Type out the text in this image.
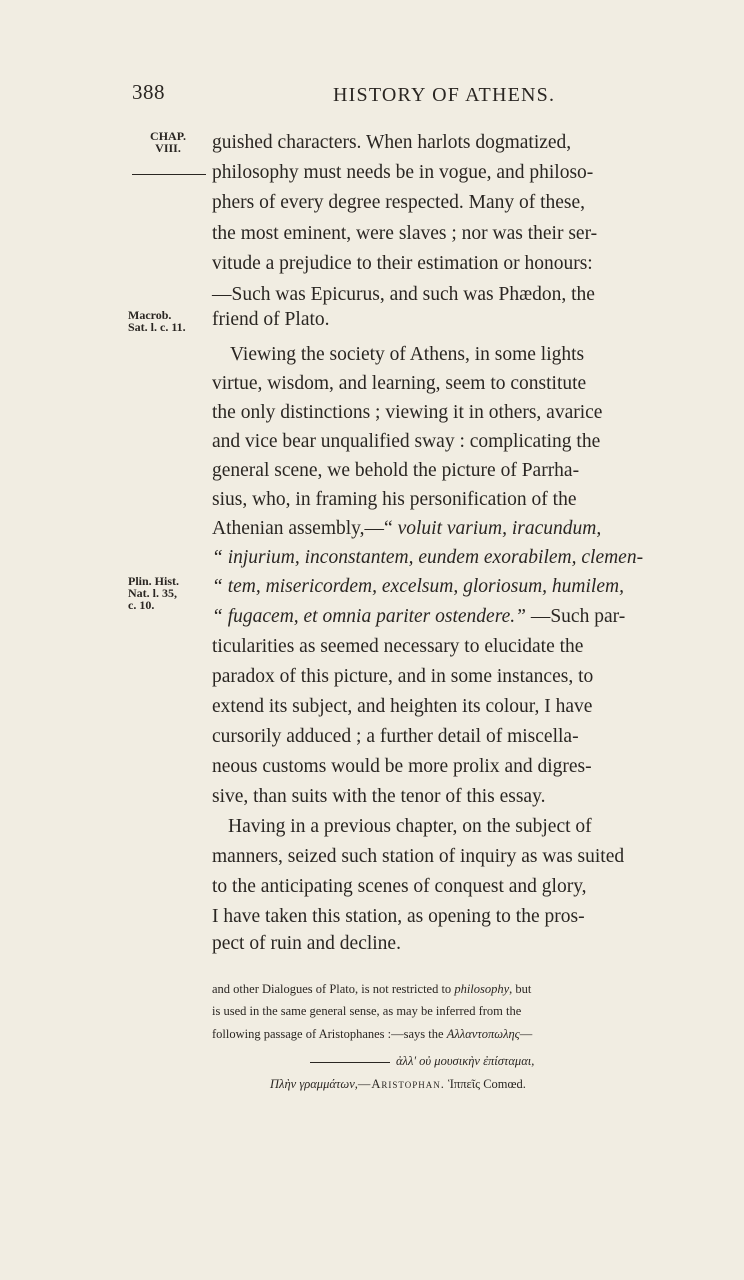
388	HISTORY OF ATHENS.
CHAP.
VIII.
Macrob.
Sat. l. c. 11.
Plin. Hist.
Nat. l. 35,
c. 10.
guished characters. When harlots dogmatized,
philosophy must needs be in vogue, and philoso-
phers of every degree respected. Many of these,
the most eminent, were slaves ; nor was their ser-
vitude a prejudice to their estimation or honours:
—Such was Epicurus, and such was Phædon, the
friend of Plato.
Viewing the society of Athens, in some lights
virtue, wisdom, and learning, seem to constitute
the only distinctions ; viewing it in others, avarice
and vice bear unqualified sway : complicating the
general scene, we behold the picture of Parrha-
sius, who, in framing his personification of the
Athenian assembly,—“ voluit varium, iracundum,
“ injurium, inconstantem, eundem exorabilem, clemen-
“ tem, misericordem, excelsum, gloriosum, humilem,
“ fugacem, et omnia pariter ostendere.” —Such par-
ticularities as seemed necessary to elucidate the
paradox of this picture, and in some instances, to
extend its subject, and heighten its colour, I have
cursorily adduced ; a further detail of miscella-
neous customs would be more prolix and digres-
sive, than suits with the tenor of this essay.
Having in a previous chapter, on the subject of
manners, seized such station of inquiry as was suited
to the anticipating scenes of conquest and glory,
I have taken this station, as opening to the pros-
pect of ruin and decline.
and other Dialogues of Plato, is not restricted to philosophy, but
is used in the same general sense, as may be inferred from the
following passage of Aristophanes :—says the Αλλαντοπωλης—
ἀλλ' οὐ μουσικὴν ἐπίσταμαι,
Πλὴν γραμμάτων,—Aristophan. Ἱππεῖς Comœd.
